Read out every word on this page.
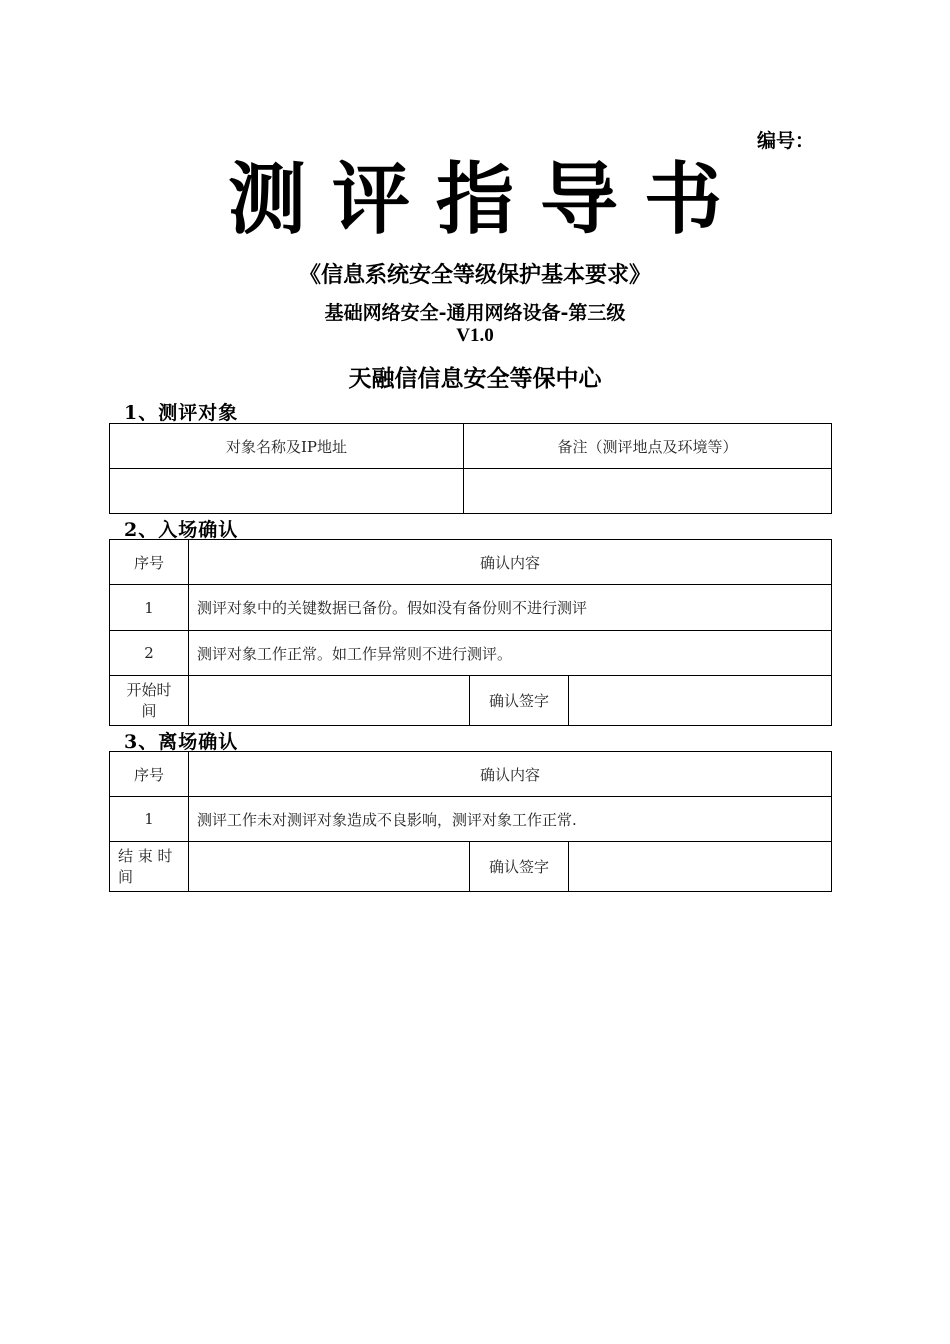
编号：
测评指导书
《信息系统安全等级保护基本要求》
基础网络安全-通用网络设备-第三级
V1.0
天融信信息安全等保中心
1、测评对象
对象名称及IP地址	备注（测评地点及环境等）

2、入场确认
序号	确认内容		
1	测评对象中的关键数据已备份。假如没有备份则不进行测评		
2	测评对象工作正常。如工作异常则不进行测评。		

开始时
间		确认签字	
3、离场确认
序号	确认内容		
1	测评工作未对测评对象造成不良影响，测评对象工作正常.		

结 束 时
间		确认签字	
